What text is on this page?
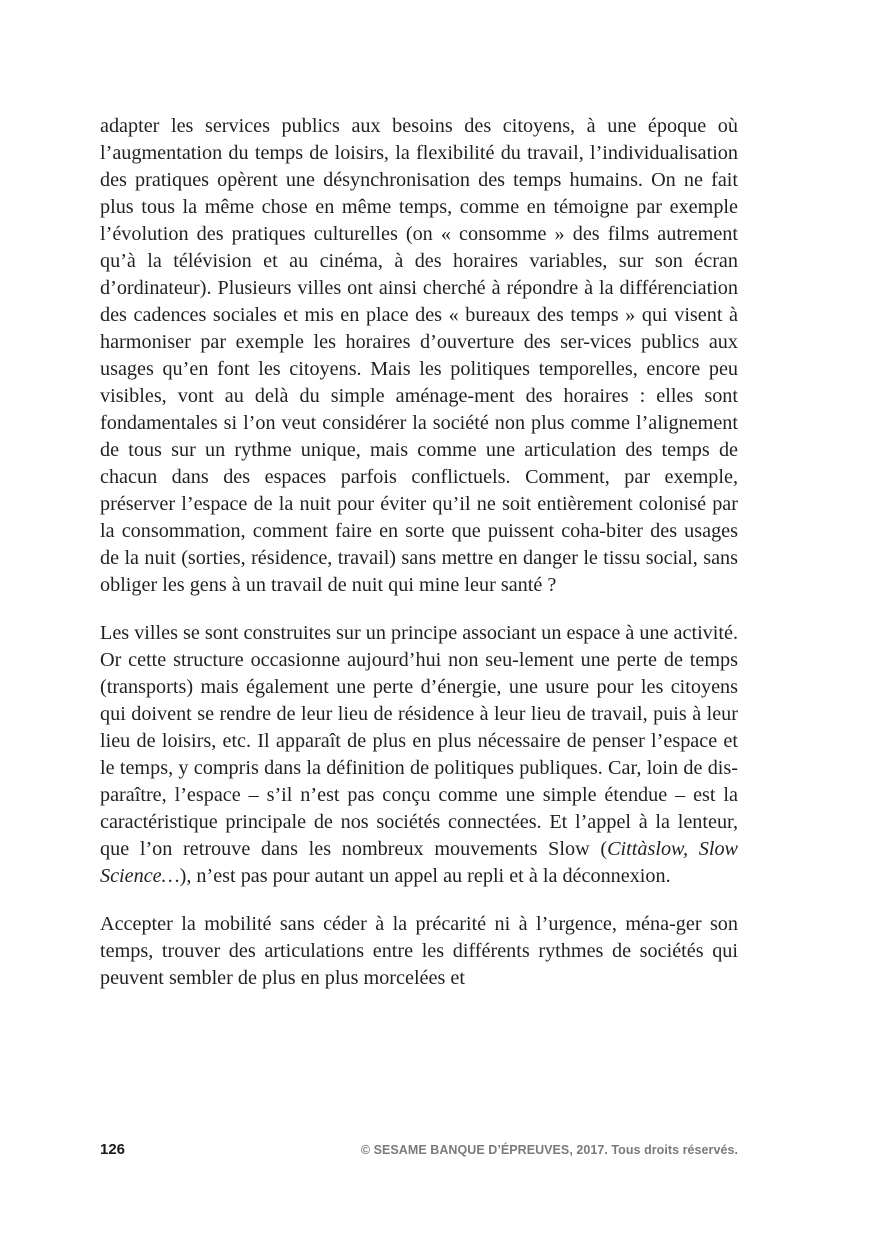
adapter les services publics aux besoins des citoyens, à une époque où l’augmentation du temps de loisirs, la flexibilité du travail, l’individualisation des pratiques opèrent une désynchronisation des temps humains. On ne fait plus tous la même chose en même temps, comme en témoigne par exemple l’évolution des pratiques culturelles (on « consomme » des films autrement qu’à la télévision et au cinéma, à des horaires variables, sur son écran d’ordinateur). Plusieurs villes ont ainsi cherché à répondre à la différenciation des cadences sociales et mis en place des « bureaux des temps » qui visent à harmoniser par exemple les horaires d’ouverture des ser-vices publics aux usages qu’en font les citoyens. Mais les politiques temporelles, encore peu visibles, vont au delà du simple aménage-ment des horaires : elles sont fondamentales si l’on veut considérer la société non plus comme l’alignement de tous sur un rythme unique, mais comme une articulation des temps de chacun dans des espaces parfois conflictuels. Comment, par exemple, préserver l’espace de la nuit pour éviter qu’il ne soit entièrement colonisé par la consommation, comment faire en sorte que puissent coha-biter des usages de la nuit (sorties, résidence, travail) sans mettre en danger le tissu social, sans obliger les gens à un travail de nuit qui mine leur santé ?

Les villes se sont construites sur un principe associant un espace à une activité. Or cette structure occasionne aujourd’hui non seu-lement une perte de temps (transports) mais également une perte d’énergie, une usure pour les citoyens qui doivent se rendre de leur lieu de résidence à leur lieu de travail, puis à leur lieu de loisirs, etc. Il apparaît de plus en plus nécessaire de penser l’espace et le temps, y compris dans la définition de politiques publiques. Car, loin de dis-paraître, l’espace – s’il n’est pas conçu comme une simple étendue – est la caractéristique principale de nos sociétés connectées. Et l’appel à la lenteur, que l’on retrouve dans les nombreux mouvements Slow (Cittàslow, Slow Science…), n’est pas pour autant un appel au repli et à la déconnexion.

Accepter la mobilité sans céder à la précarité ni à l’urgence, ména-ger son temps, trouver des articulations entre les différents rythmes de sociétés qui peuvent sembler de plus en plus morcelées et

126	© SESAME BANQUE D’ÉPREUVES, 2017. Tous droits réservés.
